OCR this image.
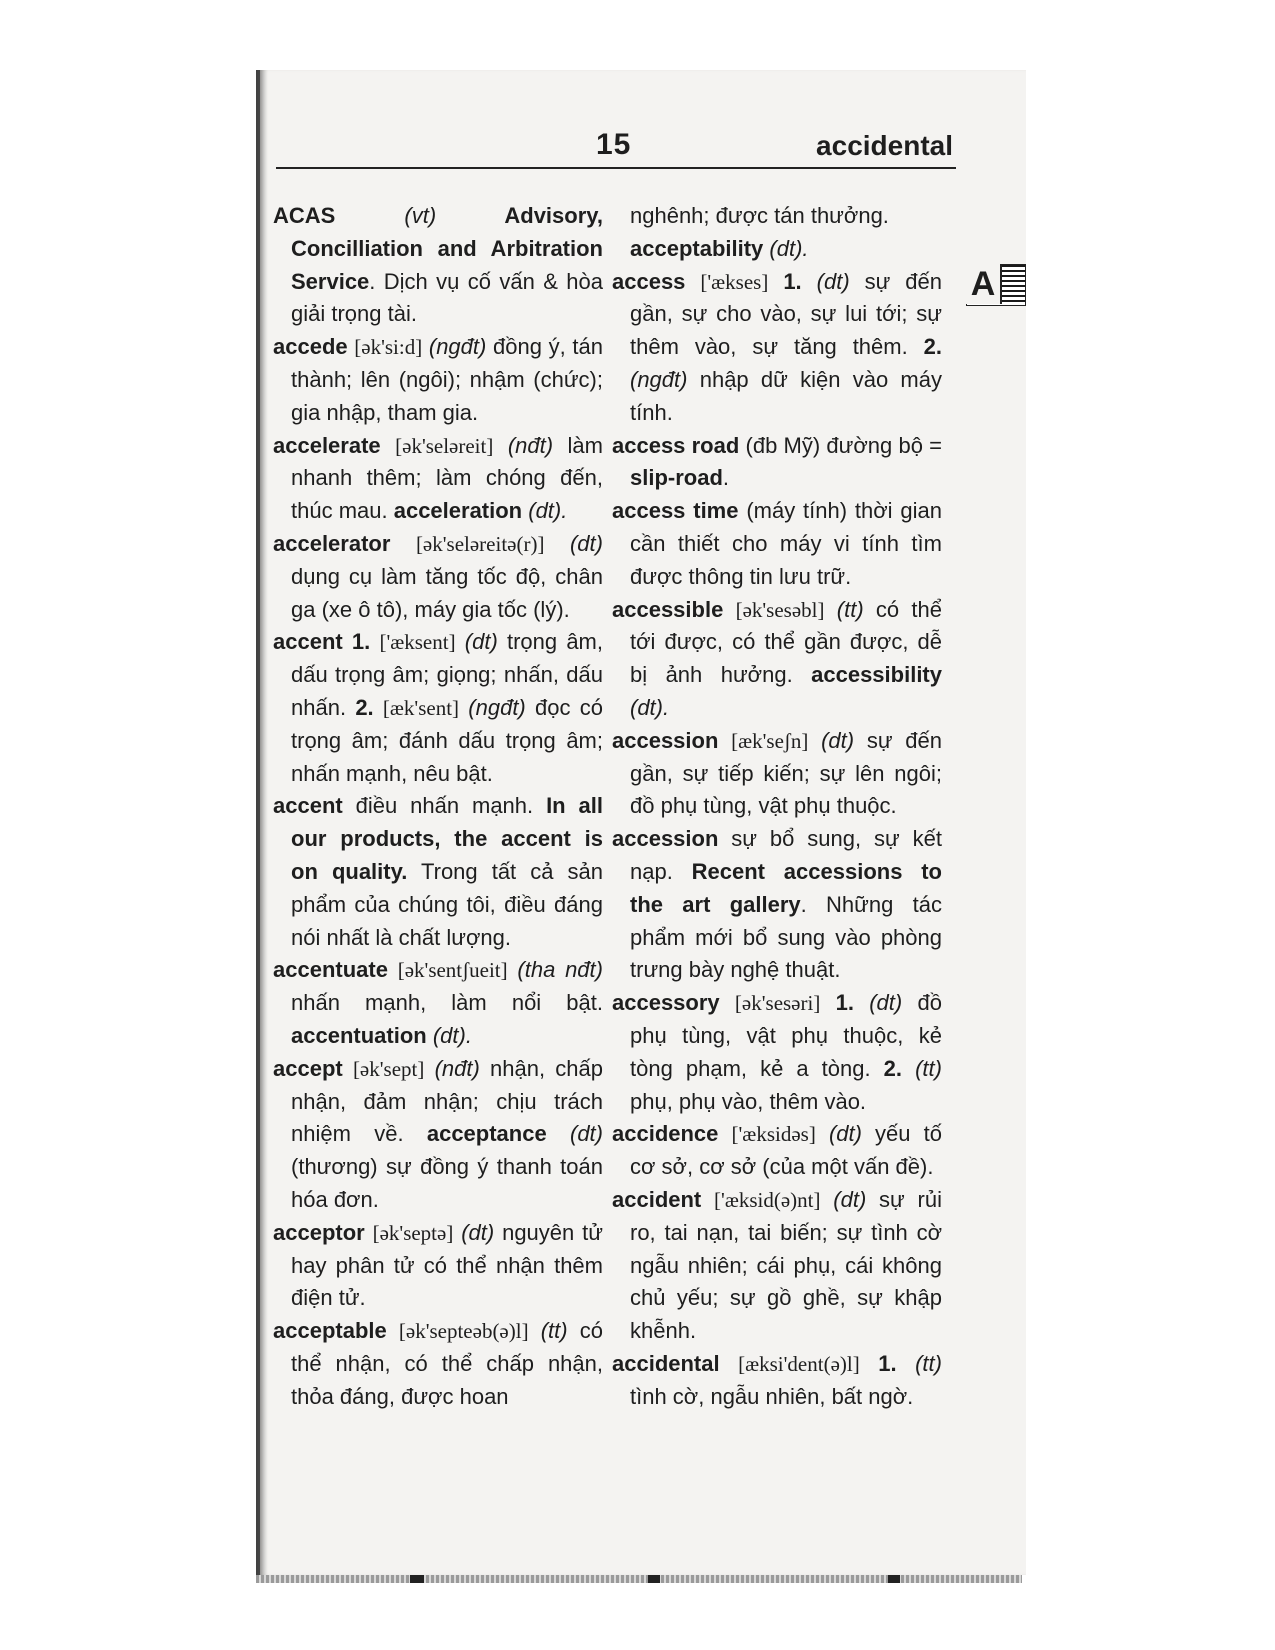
15	accidental
A
ACAS	(vt) Advisory, Concilliation and Arbitration Service. Dịch vụ cố vấn & hòa giải trọng tài.
accede [ək'si:d] (ngđt) đồng ý, tán thành; lên (ngôi); nhậm (chức); gia nhập, tham gia.
accelerate [ək'seləreit] (nđt) làm nhanh thêm; làm chóng đến, thúc mau. acceleration (dt).
accelerator [ək'seləreitə(r)] (dt) dụng cụ làm tăng tốc độ, chân ga (xe ô tô), máy gia tốc (lý).
accent 1. ['æksent] (dt) trọng âm, dấu trọng âm; giọng; nhấn, dấu nhấn. 2. [æk'sent] (ngđt) đọc có trọng âm; đánh dấu trọng âm; nhấn mạnh, nêu bật.
accent điều nhấn mạnh. In all our products, the accent is on quality. Trong tất cả sản phẩm của chúng tôi, điều đáng nói nhất là chất lượng.
accentuate [ək'sentʃueit] (tha nđt) nhấn mạnh, làm nổi bật. accentuation (dt).
accept [ək'sept] (nđt) nhận, chấp nhận, đảm nhận; chịu trách nhiệm về. acceptance (dt) (thương) sự đồng ý thanh toán hóa đơn.
acceptor [ək'septə] (dt) nguyên tử hay phân tử có thể nhận thêm điện tử.
acceptable [ək'septeəb(ə)l] (tt) có thể nhận, có thể chấp nhận, thỏa đáng, được hoan
nghênh; được tán thưởng.
acceptability (dt).
access ['ækses] 1. (dt) sự đến gần, sự cho vào, sự lui tới; sự thêm vào, sự tăng thêm. 2. (ngđt) nhập dữ kiện vào máy tính.
access road (đb Mỹ) đường bộ = slip-road.
access time (máy tính) thời gian cần thiết cho máy vi tính tìm được thông tin lưu trữ.
accessible [ək'sesəbl] (tt) có thể tới được, có thể gần được, dễ bị ảnh hưởng. accessibility (dt).
accession [æk'seʃn] (dt) sự đến gần, sự tiếp kiến; sự lên ngôi; đồ phụ tùng, vật phụ thuộc.
accession sự bổ sung, sự kết nạp. Recent accessions to the art gallery. Những tác phẩm mới bổ sung vào phòng trưng bày nghệ thuật.
accessory [ək'sesəri] 1. (dt) đồ phụ tùng, vật phụ thuộc, kẻ tòng phạm, kẻ a tòng. 2. (tt) phụ, phụ vào, thêm vào.
accidence ['æksidəs] (dt) yếu tố cơ sở, cơ sở (của một vấn đề).
accident ['æksid(ə)nt] (dt) sự rủi ro, tai nạn, tai biến; sự tình cờ ngẫu nhiên; cái phụ, cái không chủ yếu; sự gồ ghề, sự khập khễnh.
accidental [æksi'dent(ə)l] 1. (tt) tình cờ, ngẫu nhiên, bất ngờ.
